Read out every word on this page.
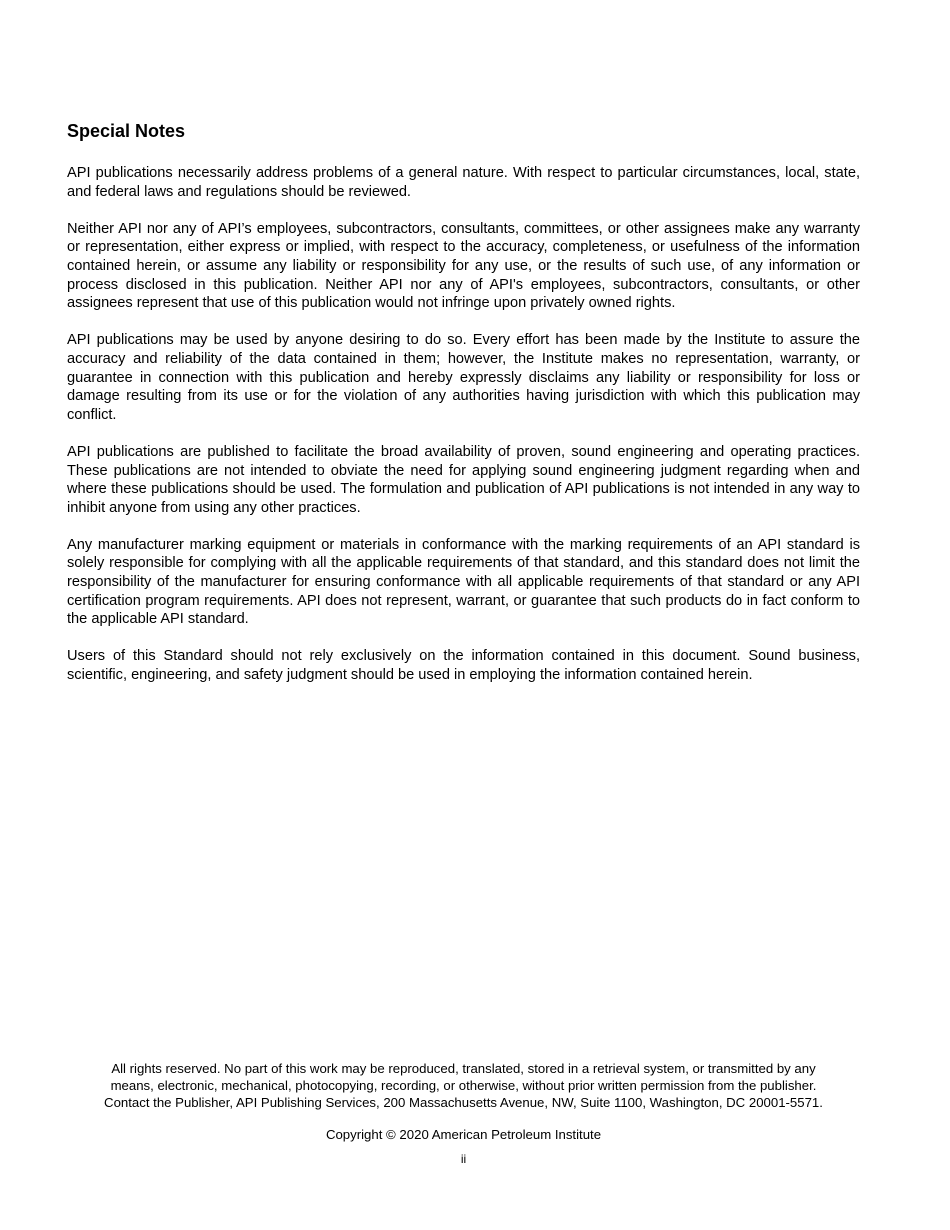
Special Notes

API publications necessarily address problems of a general nature. With respect to particular circumstances, local, state, and federal laws and regulations should be reviewed.

Neither API nor any of API’s employees, subcontractors, consultants, committees, or other assignees make any warranty or representation, either express or implied, with respect to the accuracy, completeness, or usefulness of the information contained herein, or assume any liability or responsibility for any use, or the results of such use, of any information or process disclosed in this publication. Neither API nor any of API's employees, subcontractors, consultants, or other assignees represent that use of this publication would not infringe upon privately owned rights.

API publications may be used by anyone desiring to do so. Every effort has been made by the Institute to assure the accuracy and reliability of the data contained in them; however, the Institute makes no representation, warranty, or guarantee in connection with this publication and hereby expressly disclaims any liability or responsibility for loss or damage resulting from its use or for the violation of any authorities having jurisdiction with which this publication may conflict.

API publications are published to facilitate the broad availability of proven, sound engineering and operating practices. These publications are not intended to obviate the need for applying sound engineering judgment regarding when and where these publications should be used. The formulation and publication of API publications is not intended in any way to inhibit anyone from using any other practices.

Any manufacturer marking equipment or materials in conformance with the marking requirements of an API standard is solely responsible for complying with all the applicable requirements of that standard, and this standard does not limit the responsibility of the manufacturer for ensuring conformance with all applicable requirements of that standard or any API certification program requirements. API does not represent, warrant, or guarantee that such products do in fact conform to the applicable API standard.

Users of this Standard should not rely exclusively on the information contained in this document. Sound business, scientific, engineering, and safety judgment should be used in employing the information contained herein.

All rights reserved. No part of this work may be reproduced, translated, stored in a retrieval system, or transmitted by any
means, electronic, mechanical, photocopying, recording, or otherwise, without prior written permission from the publisher.
Contact the Publisher, API Publishing Services, 200 Massachusetts Avenue, NW, Suite 1100, Washington, DC 20001-5571.

Copyright © 2020 American Petroleum Institute

ii
